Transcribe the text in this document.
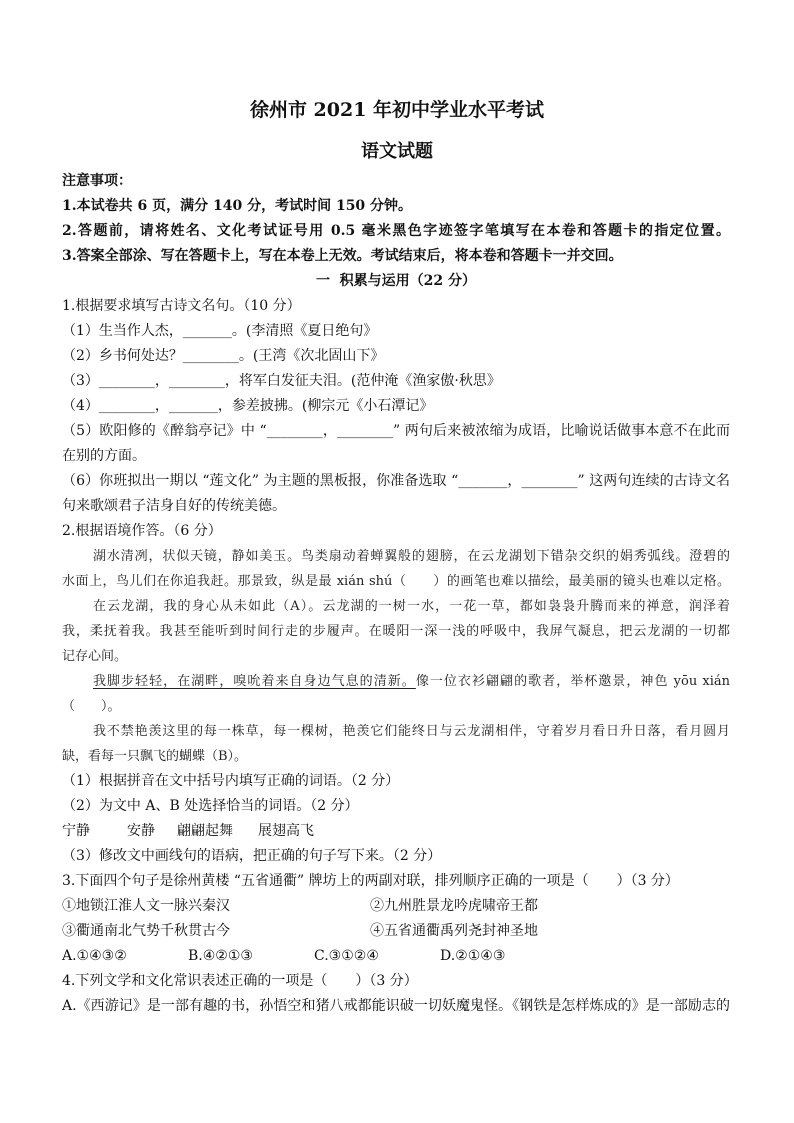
徐州市 2021 年初中学业水平考试
语文试题
注意事项：
1.本试卷共 6 页，满分 140 分，考试时间 150 分钟。
2.答题前，请将姓名、文化考试证号用 0.5 毫米黑色字迹签字笔填写在本卷和答题卡的指定位置。
3.答案全部涂、写在答题卡上，写在本卷上无效。考试结束后，将本卷和答题卡一并交回。
一  积累与运用（22 分）
1.根据要求填写古诗文名句。（10 分）
（1）生当作人杰，_______。(李清照《夏日绝句》
（2）乡书何处达？________。(王湾《次北固山下》
（3）________，________，将军白发征夫泪。(范仲淹《渔家傲·秋思》
（4）________，_______，参差披拂。(柳宗元《小石潭记》
（5）欧阳修的《醉翁亭记》中 “________，________” 两句后来被浓缩为成语，比喻说话做事本意不在此而
在别的方面。
（6）你班拟出一期以 “莲文化” 为主题的黑板报，你准备选取 “_______，________” 这两句连续的古诗文名
句来歌颂君子洁身自好的传统美德。
2.根据语境作答。（6 分）
湖水清冽，状似天镜，静如美玉。鸟类扇动着蝉翼般的翅膀，在云龙湖划下错杂交织的娟秀弧线。澄碧的
水面上，鸟儿们在你追我赶。那景致，纵是最 xián shú（　　）的画笔也难以描绘，最美丽的镜头也难以定格。
在云龙湖，我的身心从未如此（A）。云龙湖的一树一水，一花一草，都如袅袅升腾而来的禅意，润泽着
我，柔抚着我。我甚至能听到时间行走的步履声。在暖阳一深一浅的呼吸中，我屏气凝息，把云龙湖的一切都
记存心间。
我脚步轻轻，在湖畔，嗅吮着来自身边气息的清新。像一位衣衫翩翩的歌者，举杯邀景，神色 yōu xián
（　　）。
我不禁艳羡这里的每一株草，每一棵树，艳羡它们能终日与云龙湖相伴，守着岁月看日升日落，看月圆月
缺，看每一只飘飞的蝴蝶（B）。
（1）根据拼音在文中括号内填写正确的词语。（2 分）
（2）为文中 A、B 处选择恰当的词语。（2 分）
宁静	安静 翩翩起舞 展翅高飞
（3）修改文中画线句的语病，把正确的句子写下来。（2 分）
3.下面四个句子是徐州黄楼 “五省通衢” 牌坊上的两副对联，排列顺序正确的一项是（　　）（3 分）
①地锁江淮人文一脉兴秦汉	②九州胜景龙吟虎啸帝王都
③衢通南北气势千秋贯古今	④五省通衢禹列尧封神圣地
A.①④③②	B.④②①③	C.③①②④	D.②①④③
4.下列文学和文化常识表述正确的一项是（　　）（3 分）
A.《西游记》是一部有趣的书，孙悟空和猪八戒都能识破一切妖魔鬼怪。《钢铁是怎样炼成的》是一部励志的
